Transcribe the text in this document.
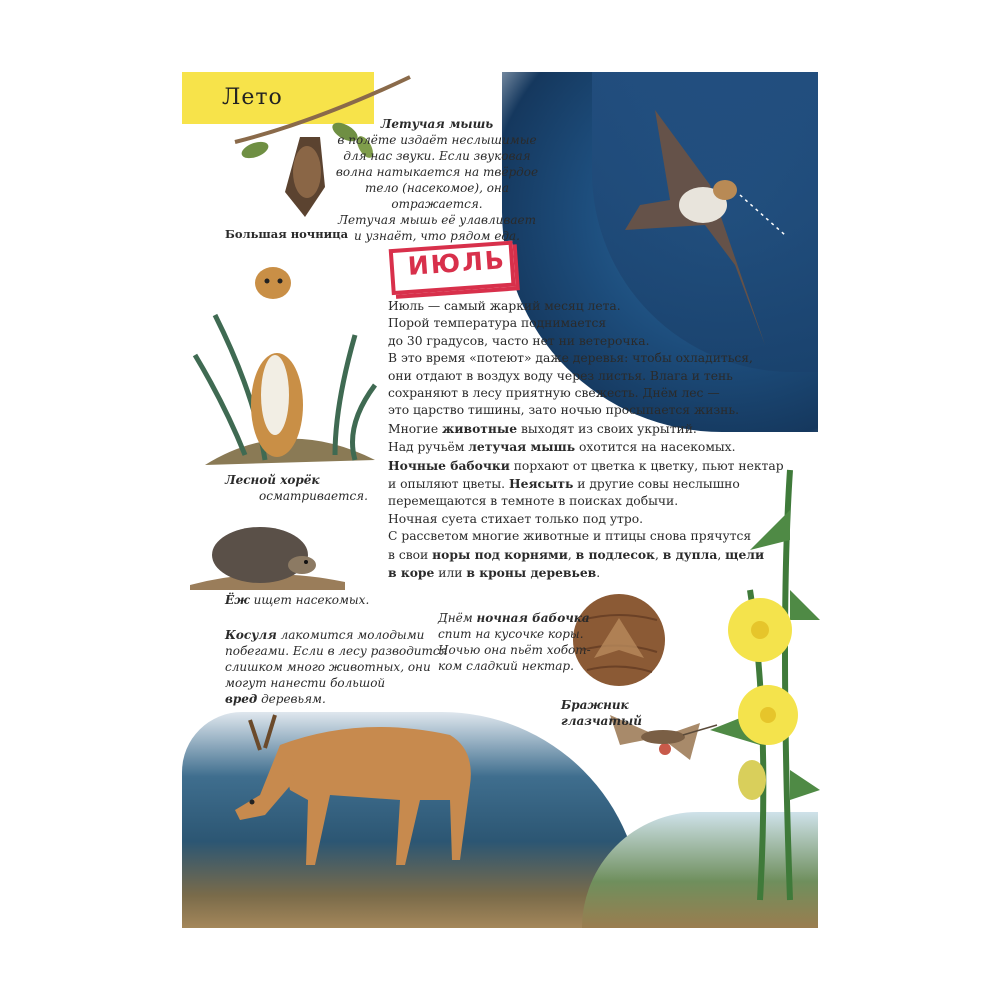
Лето
ИЮЛЬ
Большая ночница
Летучая мышь
в полёте издаёт неслышимые
для нас звуки. Если звуковая
волна натыкается на твёрдое
тело (насекомое), она отражается.
Летучая мышь её улавливает
и узнаёт, что рядом еда.
Лесной хорёк
осматривается.
Ёж ищет насекомых.
Косуля лакомится молодыми
побегами. Если в лесу разводится
слишком много животных, они
могут нанести большой
вред деревьям.
Днём ночная бабочка
спит на кусочке коры.
Ночью она пьёт хобот-
ком сладкий нектар.
Бражник
глазчатый
Июль — самый жаркий месяц лета.
Порой температура поднимается
до 30 градусов, часто нет ни ветерочка.
В это время «потеют» даже деревья: чтобы охладиться,
они отдают в воздух воду через листья. Влага и тень
сохраняют в лесу приятную свежесть. Днём лес —
это царство тишины, зато ночью просыпается жизнь.
Многие животные выходят из своих укрытий.
Над ручьём летучая мышь охотится на насекомых.
Ночные бабочки порхают от цветка к цветку, пьют нектар
и опыляют цветы. Неясыть и другие совы неслышно
перемещаются в темноте в поисках добычи.
Ночная суета стихает только под утро.
С рассветом многие животные и птицы снова прячутся
в свои норы под корнями, в подлесок, в дупла, щели
в коре или в кроны деревьев.
